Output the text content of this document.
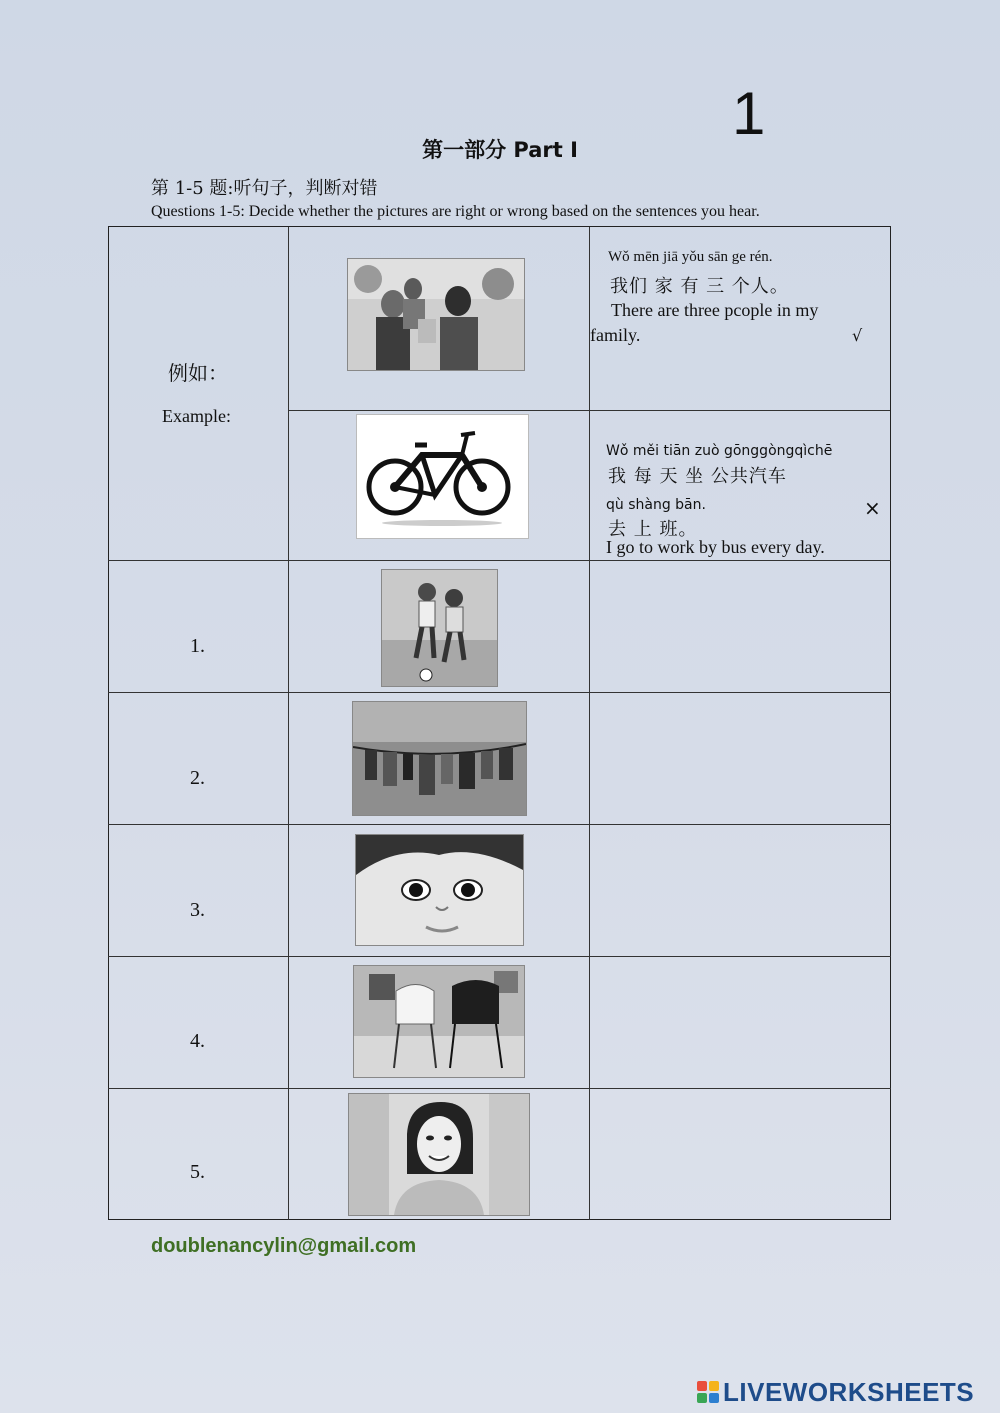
1
第一部分 Part I
第 1-5 题:听句子，判断对错
Questions 1-5: Decide whether the pictures are right or wrong based on the sentences you hear.
例如：
Example:
Wǒ mēn jiā yǒu sān ge rén.
我们 家 有 三 个人。
There are three pcople in my
family.	√
Wǒ měi tiān zuò gōnggòngqìchē
我 每 天 坐 公共汽车
qù shàng bān.
去 上 班。
I go to work by bus every day.
×
1.
2.
3.
4.
5.
doublenancylin@gmail.com
LIVEWORKSHEETS
